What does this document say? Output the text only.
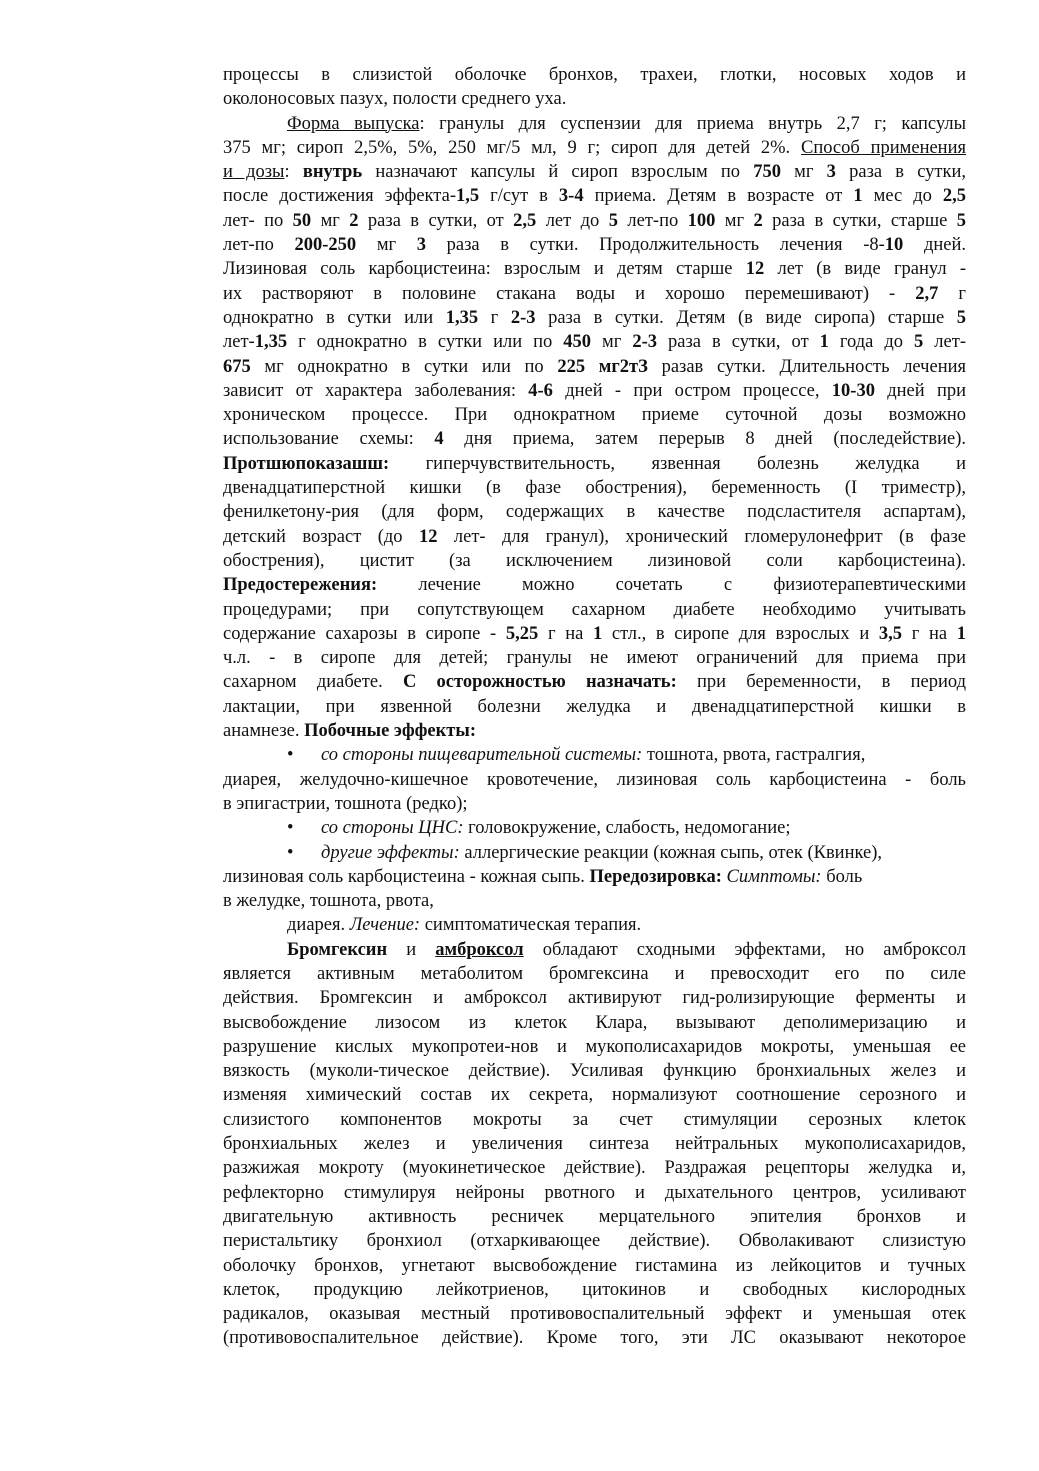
процессы в слизистой оболочке бронхов, трахеи, глотки, носовых ходов и
околоносовых пазух, полости среднего уха.
Форма выпуска: гранулы для суспензии для приема внутрь 2,7 г; капсулы
375 мг; сироп 2,5%, 5%, 250 мг/5 мл, 9 г; сироп для детей 2%. Способ применения
и дозы: внутрь назначают капсулы й сироп взрослым по 750 мг 3 раза в сутки,
после достижения эффекта-1,5 г/сут в 3-4 приема. Детям в возрасте от 1 мес до 2,5
лет- по 50 мг 2 раза в сутки, от 2,5 лет до 5 лет-по 100 мг 2 раза в сутки, старше 5
лет-по 200-250 мг 3 раза в сутки. Продолжительность лечения -8-10 дней.
Лизиновая соль карбоцистеина: взрослым и детям старше 12 лет (в виде гранул -
их растворяют в половине стакана воды и хорошо перемешивают) - 2,7 г
однократно в сутки или 1,35 г 2-3 раза в сутки. Детям (в виде сиропа) старше 5
лет-1,35 г однократно в сутки или по 450 мг 2-3 раза в сутки, от 1 года до 5 лет-
675 мг однократно в сутки или по 225 мг2тЗ разав сутки. Длительность лечения
зависит от характера заболевания: 4-6 дней - при остром процессе, 10-30 дней при
хроническом процессе. При однократном приеме суточной дозы возможно
использование схемы: 4 дня приема, затем перерыв 8 дней (последействие).
Протшюпоказашш: гиперчувствительность, язвенная болезнь желудка и
двенадцатиперстной кишки (в фазе обострения), беременность (I триместр),
фенилкетону-рия (для форм, содержащих в качестве подсластителя аспартам),
детский возраст (до 12 лет- для гранул), хронический гломерулонефрит (в фазе
обострения), цистит (за исключением лизиновой соли карбоцистеина).
Предостережения: лечение можно сочетать с физиотерапевтическими
процедурами; при сопутствующем сахарном диабете необходимо учитывать
содержание сахарозы в сиропе - 5,25 г на 1 стл., в сиропе для взрослых и 3,5 г на 1
ч.л. - в сиропе для детей; гранулы не имеют ограничений для приема при
сахарном диабете. С осторожностью назначать: при беременности, в период
лактации, при язвенной болезни желудка и двенадцатиперстной кишки в
анамнезе. Побочные эффекты:
• со стороны пищеварительной системы: тошнота, рвота, гастралгия,
диарея, желудочно-кишечное кровотечение, лизиновая соль карбоцистеина - боль
в эпигастрии, тошнота (редко);
• со стороны ЦНС: головокружение, слабость, недомогание;
• другие эффекты: аллергические реакции (кожная сыпь, отек (Квинке),
лизиновая соль карбоцистеина - кожная сыпь. Передозировка: Симптомы: боль
в желудке, тошнота, рвота,
диарея. Лечение: симптоматическая терапия.
Бромгексин и амброксол обладают сходными эффектами, но амброксол
является активным метаболитом бромгексина и превосходит его по силе
действия. Бромгексин и амброксол активируют гид-ролизирующие ферменты и
высвобождение лизосом из клеток Клара, вызывают деполимеризацию и
разрушение кислых мукопротеи-нов и мукополисахаридов мокроты, уменьшая ее
вязкость (муколи-тическое действие). Усиливая функцию бронхиальных желез и
изменяя химический состав их секрета, нормализуют соотношение серозного и
слизистого компонентов мокроты за счет стимуляции серозных клеток
бронхиальных желез и увеличения синтеза нейтральных мукополисахаридов,
разжижая мокроту (муокинетическое действие). Раздражая рецепторы желудка и,
рефлекторно стимулируя нейроны рвотного и дыхательного центров, усиливают
двигательную активность ресничек мерцательного эпителия бронхов и
перистальтику бронхиол (отхаркивающее действие). Обволакивают слизистую
оболочку бронхов, угнетают высвобождение гистамина из лейкоцитов и тучных
клеток, продукцию лейкотриенов, цитокинов и свободных кислородных
радикалов, оказывая местный противовоспалительный эффект и уменьшая отек
(противовоспалительное действие). Кроме того, эти ЛС оказывают некоторое
